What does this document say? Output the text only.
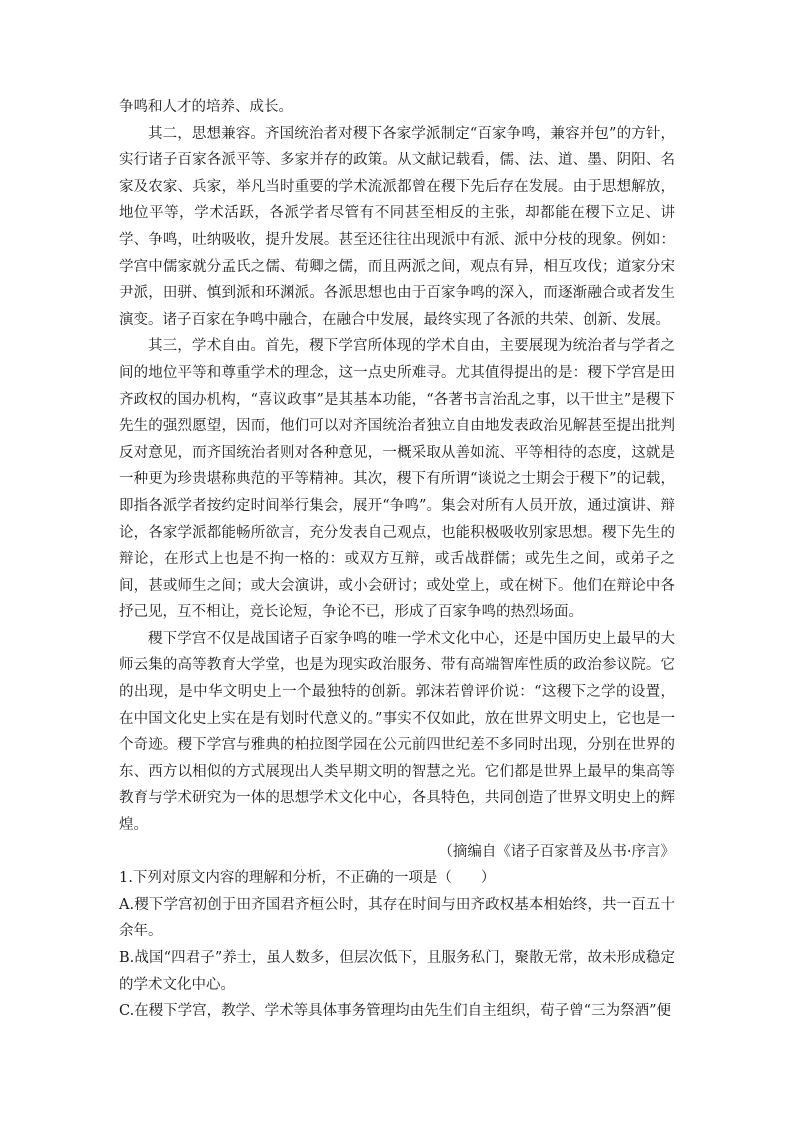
争鸣和人才的培养、成长。

其二，思想兼容。齐国统治者对稷下各家学派制定“百家争鸣，兼容并包”的方针，实行诸子百家各派平等、多家并存的政策。从文献记载看，儒、法、道、墨、阴阳、名家及农家、兵家，举凡当时重要的学术流派都曾在稷下先后存在发展。由于思想解放，地位平等，学术活跃，各派学者尽管有不同甚至相反的主张，却都能在稷下立足、讲学、争鸣，吐纳吸收，提升发展。甚至还往往出现派中有派、派中分枝的现象。例如：学宫中儒家就分孟氏之儒、荀卿之儒，而且两派之间，观点有异，相互攻伐；道家分宋尹派，田骈、慎到派和环渊派。各派思想也由于百家争鸣的深入，而逐渐融合或者发生演变。诸子百家在争鸣中融合，在融合中发展，最终实现了各派的共荣、创新、发展。

其三，学术自由。首先，稷下学宫所体现的学术自由，主要展现为统治者与学者之间的地位平等和尊重学术的理念，这一点史所难寻。尤其值得提出的是：稷下学宫是田齐政权的国办机构，“喜议政事”是其基本功能，“各著书言治乱之事，以干世主”是稷下先生的强烈愿望，因而，他们可以对齐国统治者独立自由地发表政治见解甚至提出批判反对意见，而齐国统治者则对各种意见，一概采取从善如流、平等相待的态度，这就是一种更为珍贵堪称典范的平等精神。其次，稷下有所谓“谈说之士期会于稷下”的记载，即指各派学者按约定时间举行集会，展开“争鸣”。集会对所有人员开放，通过演讲、辩论，各家学派都能畅所欲言，充分发表自己观点，也能积极吸收别家思想。稷下先生的辩论，在形式上也是不拘一格的：或双方互辩，或舌战群儒；或先生之间，或弟子之间，甚或师生之间；或大会演讲，或小会研讨；或处堂上，或在树下。他们在辩论中各抒己见，互不相让，竞长论短，争论不已，形成了百家争鸣的热烈场面。

稷下学宫不仅是战国诸子百家争鸣的唯一学术文化中心，还是中国历史上最早的大师云集的高等教育大学堂，也是为现实政治服务、带有高端智库性质的政治参议院。它的出现，是中华文明史上一个最独特的创新。郭沫若曾评价说：“这稷下之学的设置，在中国文化史上实在是有划时代意义的。”事实不仅如此，放在世界文明史上，它也是一个奇迹。稷下学宫与雅典的柏拉图学园在公元前四世纪差不多同时出现，分别在世界的东、西方以相似的方式展现出人类早期文明的智慧之光。它们都是世界上最早的集高等教育与学术研究为一体的思想学术文化中心，各具特色，共同创造了世界文明史上的辉煌。

（摘编自《诸子百家普及丛书·序言》

1.下列对原文内容的理解和分析，不正确的一项是（　　）

A.稷下学宫初创于田齐国君齐桓公时，其存在时间与田齐政权基本相始终，共一百五十余年。

B.战国“四君子”养士，虽人数多，但层次低下，且服务私门，聚散无常，故未形成稳定的学术文化中心。

C.在稷下学宫，教学、学术等具体事务管理均由先生们自主组织，荀子曾“三为祭酒”便
